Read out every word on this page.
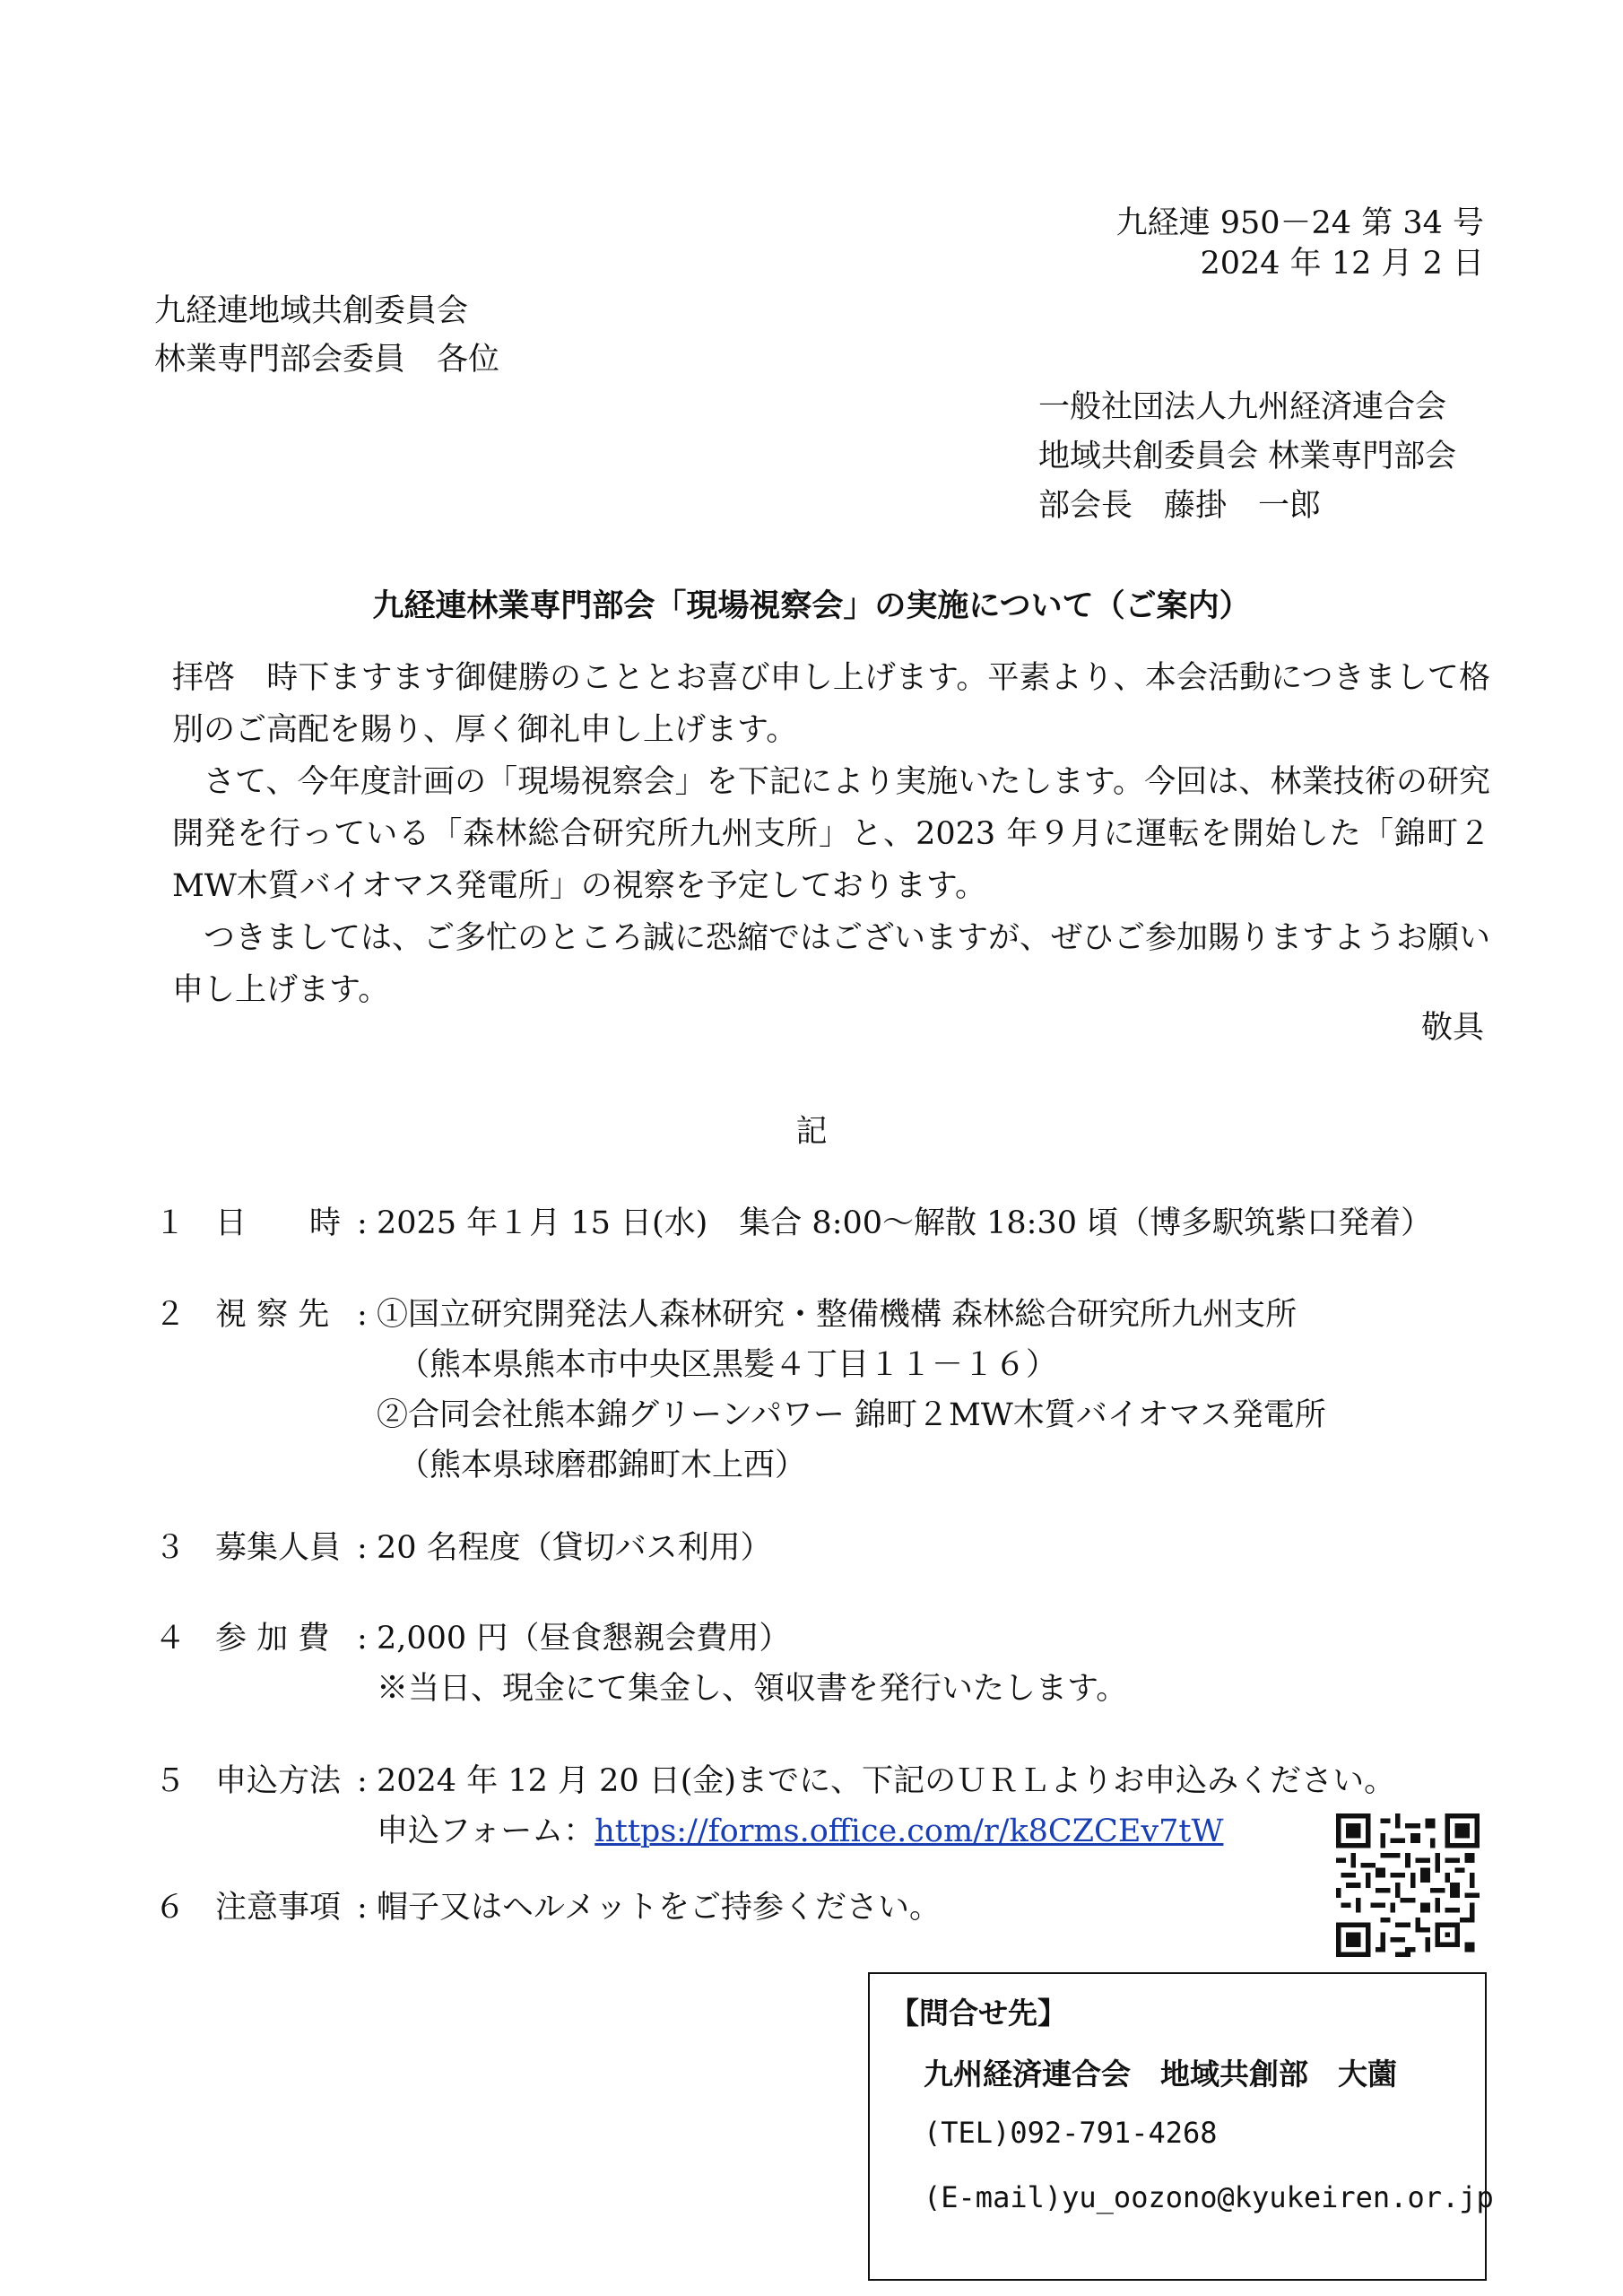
九経連 950－24 第 34 号
2024 年 12 月 2 日
九経連地域共創委員会
林業専門部会委員　各位
一般社団法人九州経済連合会
地域共創委員会 林業専門部会
部会長　藤掛　一郎
九経連林業専門部会「現場視察会」の実施について（ご案内）

拝啓　時下ますます御健勝のこととお喜び申し上げます。平素より、本会活動につきまして格別のご高配を賜り、厚く御礼申し上げます。

　さて、今年度計画の「現場視察会」を下記により実施いたします。今回は、林業技術の研究開発を行っている「森林総合研究所九州支所」と、2023 年９月に運転を開始した「錦町２MW木質バイオマス発電所」の視察を予定しております。

　つきましては、ご多忙のところ誠に恐縮ではございますが、ぜひご参加賜りますようお願い申し上げます。

敬具
記
１ 日　　時 : 2025 年１月 15 日(水)　集合 8:00～解散 18:30 頃（博多駅筑紫口発着）
２ 視 察 先 : ①国立研究開発法人森林研究・整備機構 森林総合研究所九州支所
（熊本県熊本市中央区黒髪４丁目１１－１６）
②合同会社熊本錦グリーンパワー 錦町２MW木質バイオマス発電所
（熊本県球磨郡錦町木上西）
３ 募集人員 : 20 名程度（貸切バス利用）
４ 参 加 費 : 2,000 円（昼食懇親会費用）
※当日、現金にて集金し、領収書を発行いたします。
５ 申込方法 : 2024 年 12 月 20 日(金)までに、下記のＵＲＬよりお申込みください。
申込フォーム：https://forms.office.com/r/k8CZCEv7tW
６ 注意事項 : 帽子又はヘルメットをご持参ください。
【問合せ先】
九州経済連合会　地域共創部　大薗
(TEL)092-791-4268
(E-mail)yu_oozono@kyukeiren.or.jp
